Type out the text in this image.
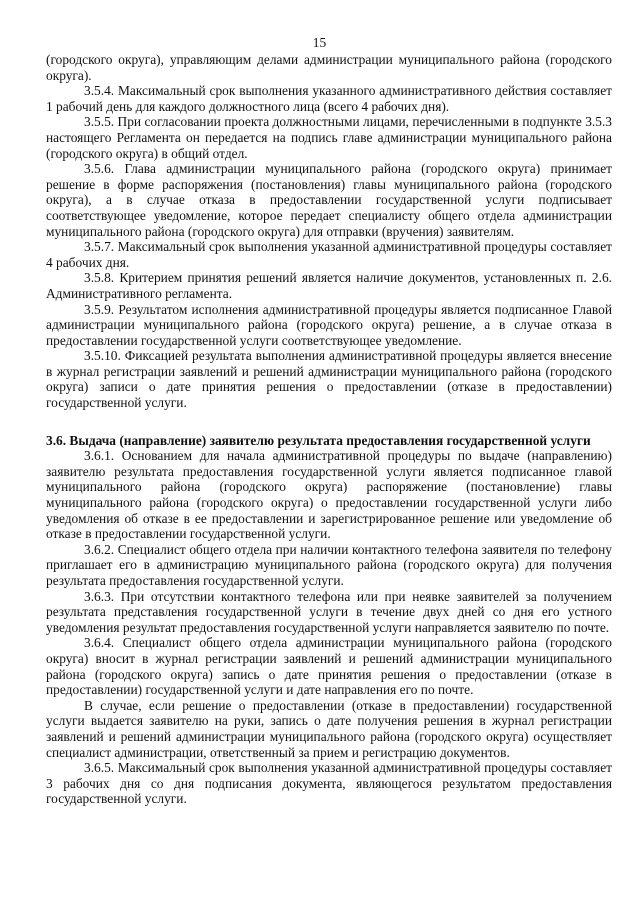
15

(городского округа), управляющим делами администрации муниципального района (городского округа).

3.5.4. Максимальный срок выполнения указанного административного действия составляет 1 рабочий день для каждого должностного лица (всего 4 рабочих дня).

3.5.5. При согласовании проекта должностными лицами, перечисленными в подпункте 3.5.3 настоящего Регламента он передается на подпись главе администрации муниципального района (городского округа) в общий отдел.

3.5.6. Глава администрации муниципального района (городского округа) принимает решение в форме распоряжения (постановления) главы муниципального района (городского округа), а в случае отказа в предоставлении государственной услуги подписывает соответствующее уведомление, которое передает специалисту общего отдела администрации муниципального района (городского округа) для отправки (вручения) заявителям.

3.5.7. Максимальный срок выполнения указанной административной процедуры составляет 4 рабочих дня.

3.5.8. Критерием принятия решений является наличие документов, установленных п. 2.6. Административного регламента.

3.5.9. Результатом исполнения административной процедуры является подписанное Главой администрации муниципального района (городского округа) решение, а в случае отказа в предоставлении государственной услуги соответствующее уведомление.

3.5.10. Фиксацией результата выполнения административной процедуры является внесение в журнал регистрации заявлений и решений администрации муниципального района (городского округа) записи о дате принятия решения о предоставлении (отказе в предоставлении) государственной услуги.

3.6. Выдача (направление) заявителю результата предоставления государственной услуги

3.6.1. Основанием для начала административной процедуры по выдаче (направлению) заявителю результата предоставления государственной услуги является подписанное главой муниципального района (городского округа) распоряжение (постановление) главы муниципального района (городского округа) о предоставлении государственной услуги либо уведомления об отказе в ее предоставлении и зарегистрированное решение или уведомление об отказе в предоставлении государственной услуги.

3.6.2. Специалист общего отдела при наличии контактного телефона заявителя по телефону приглашает его в администрацию муниципального района (городского округа) для получения результата предоставления государственной услуги.

3.6.3. При отсутствии контактного телефона или при неявке заявителей за получением результата представления государственной услуги в течение двух дней со дня его устного уведомления результат предоставления государственной услуги направляется заявителю по почте.

3.6.4. Специалист общего отдела администрации муниципального района (городского округа) вносит в журнал регистрации заявлений и решений администрации муниципального района (городского округа) запись о дате принятия решения о предоставлении (отказе в предоставлении) государственной услуги и дате направления его по почте.

В случае, если решение о предоставлении (отказе в предоставлении) государственной услуги выдается заявителю на руки, запись о дате получения решения в журнал регистрации заявлений и решений администрации муниципального района (городского округа) осуществляет специалист администрации, ответственный за прием и регистрацию документов.

3.6.5. Максимальный срок выполнения указанной административной процедуры составляет 3 рабочих дня со дня подписания документа, являющегося результатом предоставления государственной услуги.
